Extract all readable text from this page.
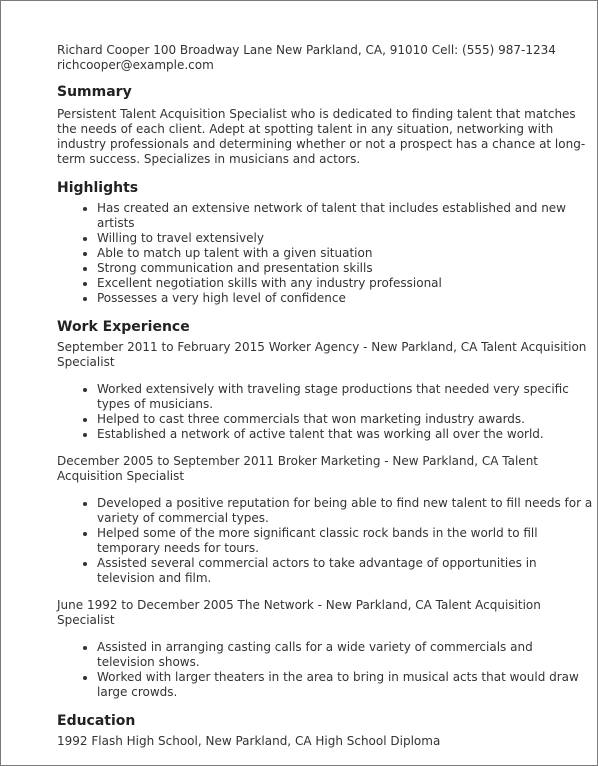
Richard Cooper 100 Broadway Lane New Parkland, CA, 91010 Cell: (555) 987-1234

richcooper@example.com

Summary

Persistent Talent Acquisition Specialist who is dedicated to finding talent that matches the needs of each client. Adept at spotting talent in any situation, networking with industry professionals and determining whether or not a prospect has a chance at long-term success. Specializes in musicians and actors.

Highlights
• Has created an extensive network of talent that includes established and new artists
• Willing to travel extensively
• Able to match up talent with a given situation
• Strong communication and presentation skills
• Excellent negotiation skills with any industry professional
• Possesses a very high level of confidence
Work Experience

September 2011 to February 2015 Worker Agency - New Parkland, CA Talent Acquisition Specialist

• Worked extensively with traveling stage productions that needed very specific types of musicians.
• Helped to cast three commercials that won marketing industry awards.
• Established a network of active talent that was working all over the world.

December 2005 to September 2011 Broker Marketing - New Parkland, CA Talent Acquisition Specialist

• Developed a positive reputation for being able to find new talent to fill needs for a variety of commercial types.
• Helped some of the more significant classic rock bands in the world to fill temporary needs for tours.
• Assisted several commercial actors to take advantage of opportunities in television and film.

June 1992 to December 2005 The Network - New Parkland, CA Talent Acquisition Specialist

• Assisted in arranging casting calls for a wide variety of commercials and television shows.
• Worked with larger theaters in the area to bring in musical acts that would draw large crowds.
Education

1992 Flash High School, New Parkland, CA High School Diploma
